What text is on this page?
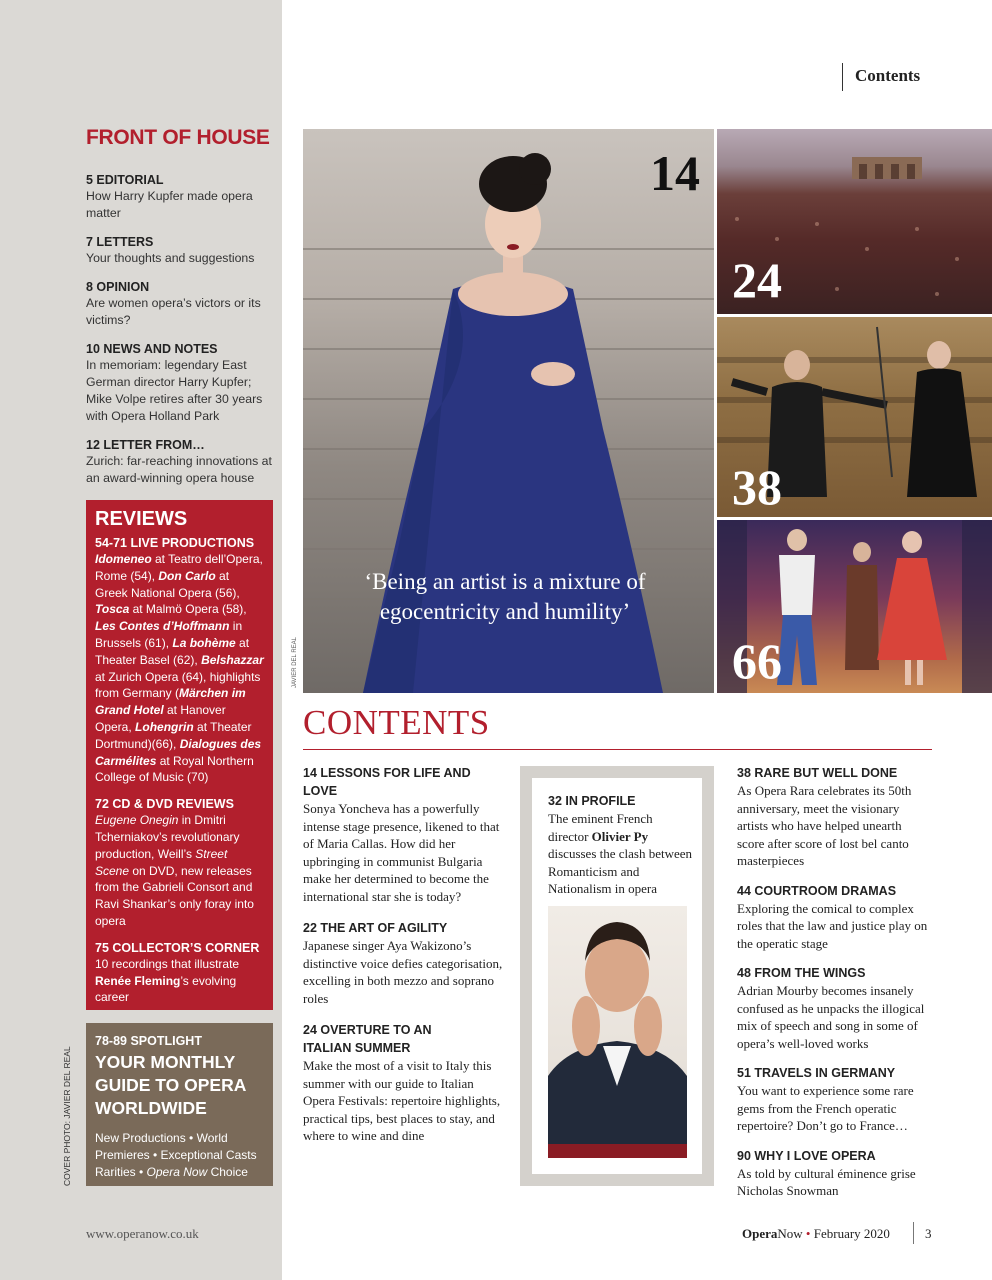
FRONT OF HOUSE
5 EDITORIAL
How Harry Kupfer made opera matter
7 LETTERS
Your thoughts and suggestions
8 OPINION
Are women opera’s victors or its victims?
10 NEWS AND NOTES
In memoriam: legendary East German director Harry Kupfer; Mike Volpe retires after 30 years with Opera Holland Park
12 LETTER FROM…
Zurich: far-reaching innovations at an award-winning opera house
REVIEWS
54-71 LIVE PRODUCTIONS
Idomeneo at Teatro dell’Opera, Rome (54), Don Carlo at Greek National Opera (56), Tosca at Malmö Opera (58), Les Contes d’Hoffmann in Brussels (61), La bohème at Theater Basel (62), Belshazzar at Zurich Opera (64), highlights from Germany (Märchen im Grand Hotel at Hanover Opera, Lohengrin at Theater Dortmund)(66), Dialogues des Carmélites at Royal Northern College of Music (70)
72 CD & DVD REVIEWS
Eugene Onegin in Dmitri Tcherniakov’s revolutionary production, Weill’s Street Scene on DVD, new releases from the Gabrieli Consort and Ravi Shankar’s only foray into opera
75 COLLECTOR’S CORNER
10 recordings that illustrate Renée Fleming’s evolving career
78-89 SPOTLIGHT
YOUR MONTHLY GUIDE TO OPERA WORLDWIDE
New Productions • World Premieres • Exceptional Casts
Rarities • Opera Now Choice
COVER PHOTO: JAVIER DEL REAL
Contents
14
‘Being an artist is a mixture of egocentricity and humility’
JAVIER DEL REAL
24
38
66
CONTENTS
14 LESSONS FOR LIFE AND LOVE
Sonya Yoncheva has a powerfully intense stage presence, likened to that of Maria Callas. How did her upbringing in communist Bulgaria make her determined to become the international star she is today?
22 THE ART OF AGILITY
Japanese singer Aya Wakizono’s distinctive voice defies categorisation, excelling in both mezzo and soprano roles
24 OVERTURE TO AN ITALIAN SUMMER
Make the most of a visit to Italy this summer with our guide to Italian Opera Festivals: repertoire highlights, practical tips, best places to stay, and where to wine and dine
32 IN PROFILE
The eminent French director Olivier Py discusses the clash between Romanticism and Nationalism in opera
38 RARE BUT WELL DONE
As Opera Rara celebrates its 50th anniversary, meet the visionary artists who have helped unearth score after score of lost bel canto masterpieces
44 COURTROOM DRAMAS
Exploring the comical to complex roles that the law and justice play on the operatic stage
48 FROM THE WINGS
Adrian Mourby becomes insanely confused as he unpacks the illogical mix of speech and song in some of opera’s well-loved works
51 TRAVELS IN GERMANY
You want to experience some rare gems from the French operatic repertoire? Don’t go to France…
90 WHY I LOVE OPERA
As told by cultural éminence grise Nicholas Snowman
www.operanow.co.uk	OperaNow • February 2020	3
